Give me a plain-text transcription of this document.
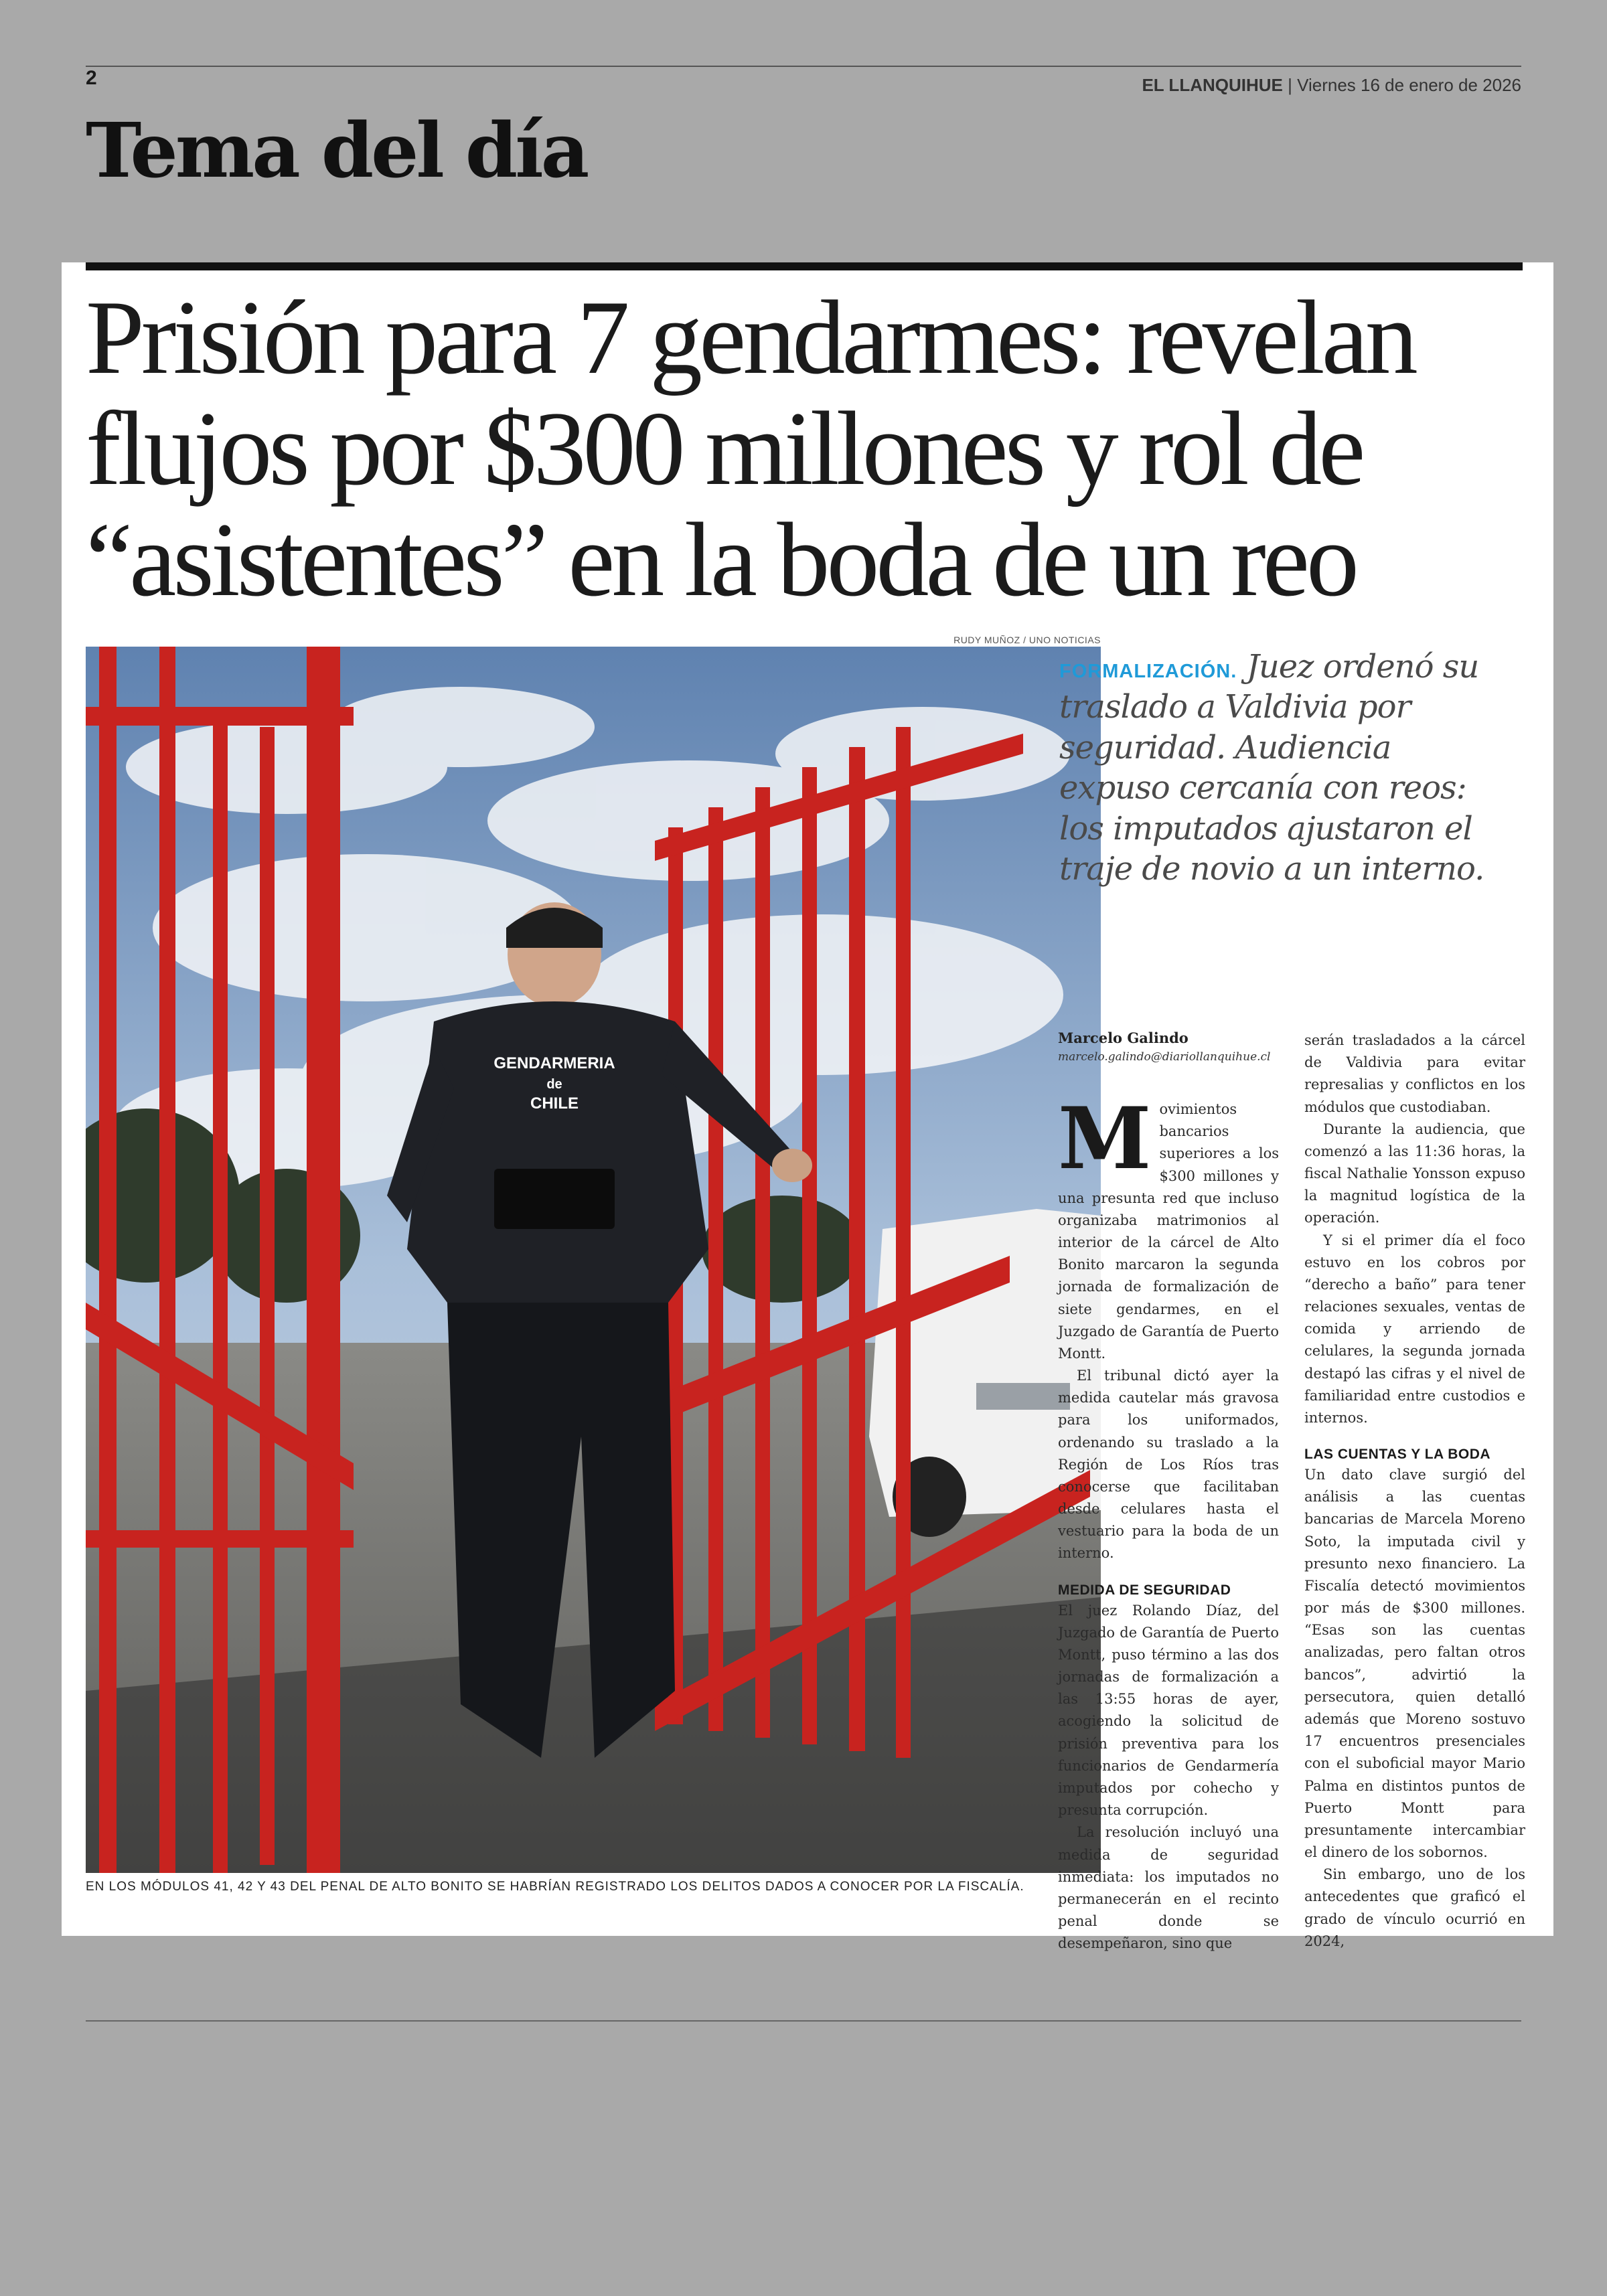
2	EL LLANQUIHUE | Viernes 16 de enero de 2026
Tema del día
Prisión para 7 gendarmes: revelan flujos por $300 millones y rol de “asistentes” en la boda de un reo
RUDY MUÑOZ / UNO NOTICIAS
GENDARMERIA
de
CHILE
EN LOS MÓDULOS 41, 42 Y 43 DEL PENAL DE ALTO BONITO SE HABRÍAN REGISTRADO LOS DELITOS DADOS A CONOCER POR LA FISCALÍA.
FORMALIZACIÓN. Juez ordenó su traslado a Valdivia por seguridad. Audiencia expuso cercanía con reos: los imputados ajustaron el traje de novio a un interno.
Marcelo Galindo
marcelo.galindo@diariollanquihue.cl

Movimientos bancarios superiores a los $300 millones y una presunta red que incluso organizaba matrimonios al interior de la cárcel de Alto Bonito marcaron la segunda jornada de formalización de siete gendarmes, en el Juzgado de Garantía de Puerto Montt.

El tribunal dictó ayer la medida cautelar más gravosa para los uniformados, ordenando su traslado a la Región de Los Ríos tras conocerse que facilitaban desde celulares hasta el vestuario para la boda de un interno.

MEDIDA DE SEGURIDAD

El juez Rolando Díaz, del Juzgado de Garantía de Puerto Montt, puso término a las dos jornadas de formalización a las 13:55 horas de ayer, acogiendo la solicitud de prisión preventiva para los funcionarios de Gendarmería imputados por cohecho y presunta corrupción.

La resolución incluyó una medida de seguridad inmediata: los imputados no permanecerán en el recinto penal donde se desempeñaron, sino que

serán trasladados a la cárcel de Valdivia para evitar represalias y conflictos en los módulos que custodiaban.

Durante la audiencia, que comenzó a las 11:36 horas, la fiscal Nathalie Yonsson expuso la magnitud logística de la operación.

Y si el primer día el foco estuvo en los cobros por “derecho a baño” para tener relaciones sexuales, ventas de comida y arriendo de celulares, la segunda jornada destapó las cifras y el nivel de familiaridad entre custodios e internos.

LAS CUENTAS Y LA BODA

Un dato clave surgió del análisis a las cuentas bancarias de Marcela Moreno Soto, la imputada civil y presunto nexo financiero. La Fiscalía detectó movimientos por más de $300 millones. “Esas son las cuentas analizadas, pero faltan otros bancos”, advirtió la persecutora, quien detalló además que Moreno sostuvo 17 encuentros presenciales con el suboficial mayor Mario Palma en distintos puntos de Puerto Montt para presuntamente intercambiar el dinero de los sobornos.

Sin embargo, uno de los antecedentes que graficó el grado de vínculo ocurrió en 2024,
